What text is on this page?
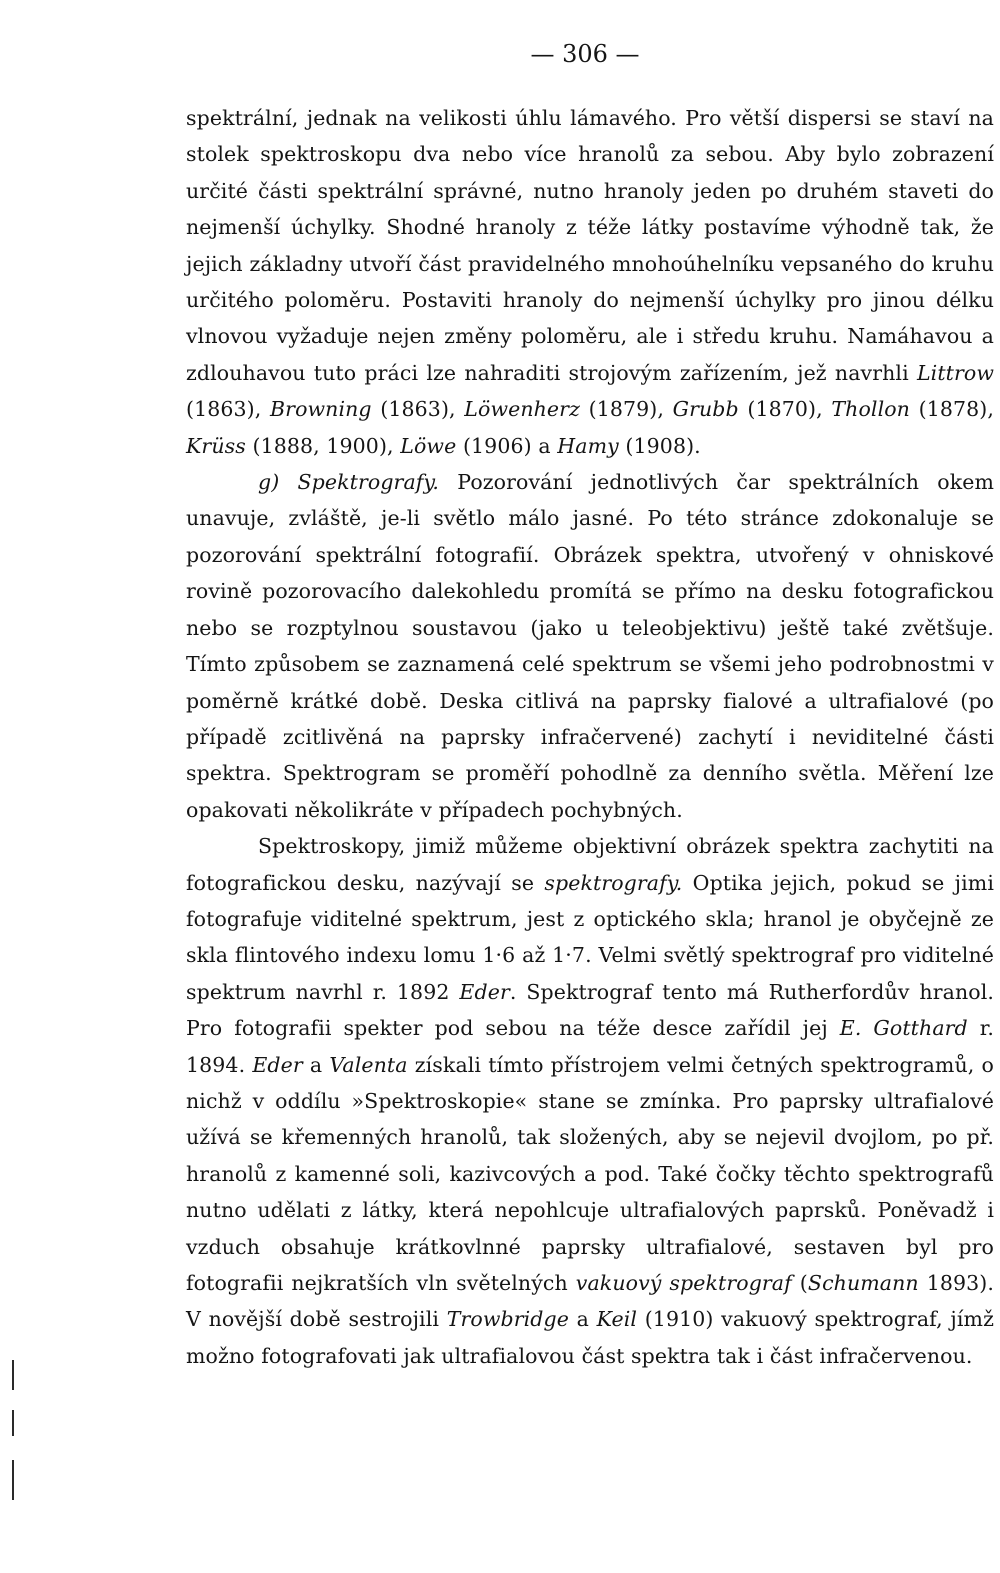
— 306 —

spektrální, jednak na velikosti úhlu lámavého. Pro větší dispersi se staví na stolek spektroskopu dva nebo více hranolů za sebou. Aby bylo zobrazení určité části spektrální správné, nutno hranoly jeden po druhém staveti do nejmenší úchylky. Shodné hranoly z téže látky postavíme výhodně tak, že jejich základny utvoří část pravidelného mnohoúhelníku vepsaného do kruhu určitého poloměru. Postaviti hranoly do nejmenší úchylky pro jinou délku vlnovou vyžaduje nejen změny poloměru, ale i středu kruhu. Namáhavou a zdlouhavou tuto práci lze nahraditi strojovým zařízením, jež navrhli Littrow (1863), Browning (1863), Löwenherz (1879), Grubb (1870), Thollon (1878), Krüss (1888, 1900), Löwe (1906) a Hamy (1908).

g) Spektrografy. Pozorování jednotlivých čar spektrálních okem unavuje, zvláště, je-li světlo málo jasné. Po této stránce zdokonaluje se pozorování spektrální fotografií. Obrázek spektra, utvořený v ohniskové rovině pozorovacího dalekohledu promítá se přímo na desku fotografickou nebo se rozptylnou soustavou (jako u teleobjektivu) ještě také zvětšuje. Tímto způsobem se zaznamená celé spektrum se všemi jeho podrobnostmi v poměrně krátké době. Deska citlivá na paprsky fialové a ultrafialové (po případě zcitlivěná na paprsky infračervené) zachytí i neviditelné části spektra. Spektrogram se proměří pohodlně za denního světla. Měření lze opakovati několikráte v případech pochybných.

Spektroskopy, jimiž můžeme objektivní obrázek spektra zachytiti na fotografickou desku, nazývají se spektrografy. Optika jejich, pokud se jimi fotografuje viditelné spektrum, jest z optického skla; hranol je obyčejně ze skla flintového indexu lomu 1·6 až 1·7. Velmi světlý spektrograf pro viditelné spektrum navrhl r. 1892 Eder. Spektrograf tento má Rutherfordův hranol. Pro fotografii spekter pod sebou na téže desce zařídil jej E. Gotthard r. 1894. Eder a Valenta získali tímto přístrojem velmi četných spektrogramů, o nichž v oddílu »Spektroskopie« stane se zmínka. Pro paprsky ultrafialové užívá se křemenných hranolů, tak složených, aby se nejevil dvojlom, po př. hranolů z kamenné soli, kazivcových a pod. Také čočky těchto spektrografů nutno udělati z látky, která nepohlcuje ultrafialových paprsků. Poněvadž i vzduch obsahuje krátkovlnné paprsky ultrafialové, sestaven byl pro fotografii nejkratších vln světelných vakuový spektrograf (Schumann 1893). V novější době sestrojili Trowbridge a Keil (1910) vakuový spektrograf, jímž možno fotografovati jak ultrafialovou část spektra tak i část infračervenou.
